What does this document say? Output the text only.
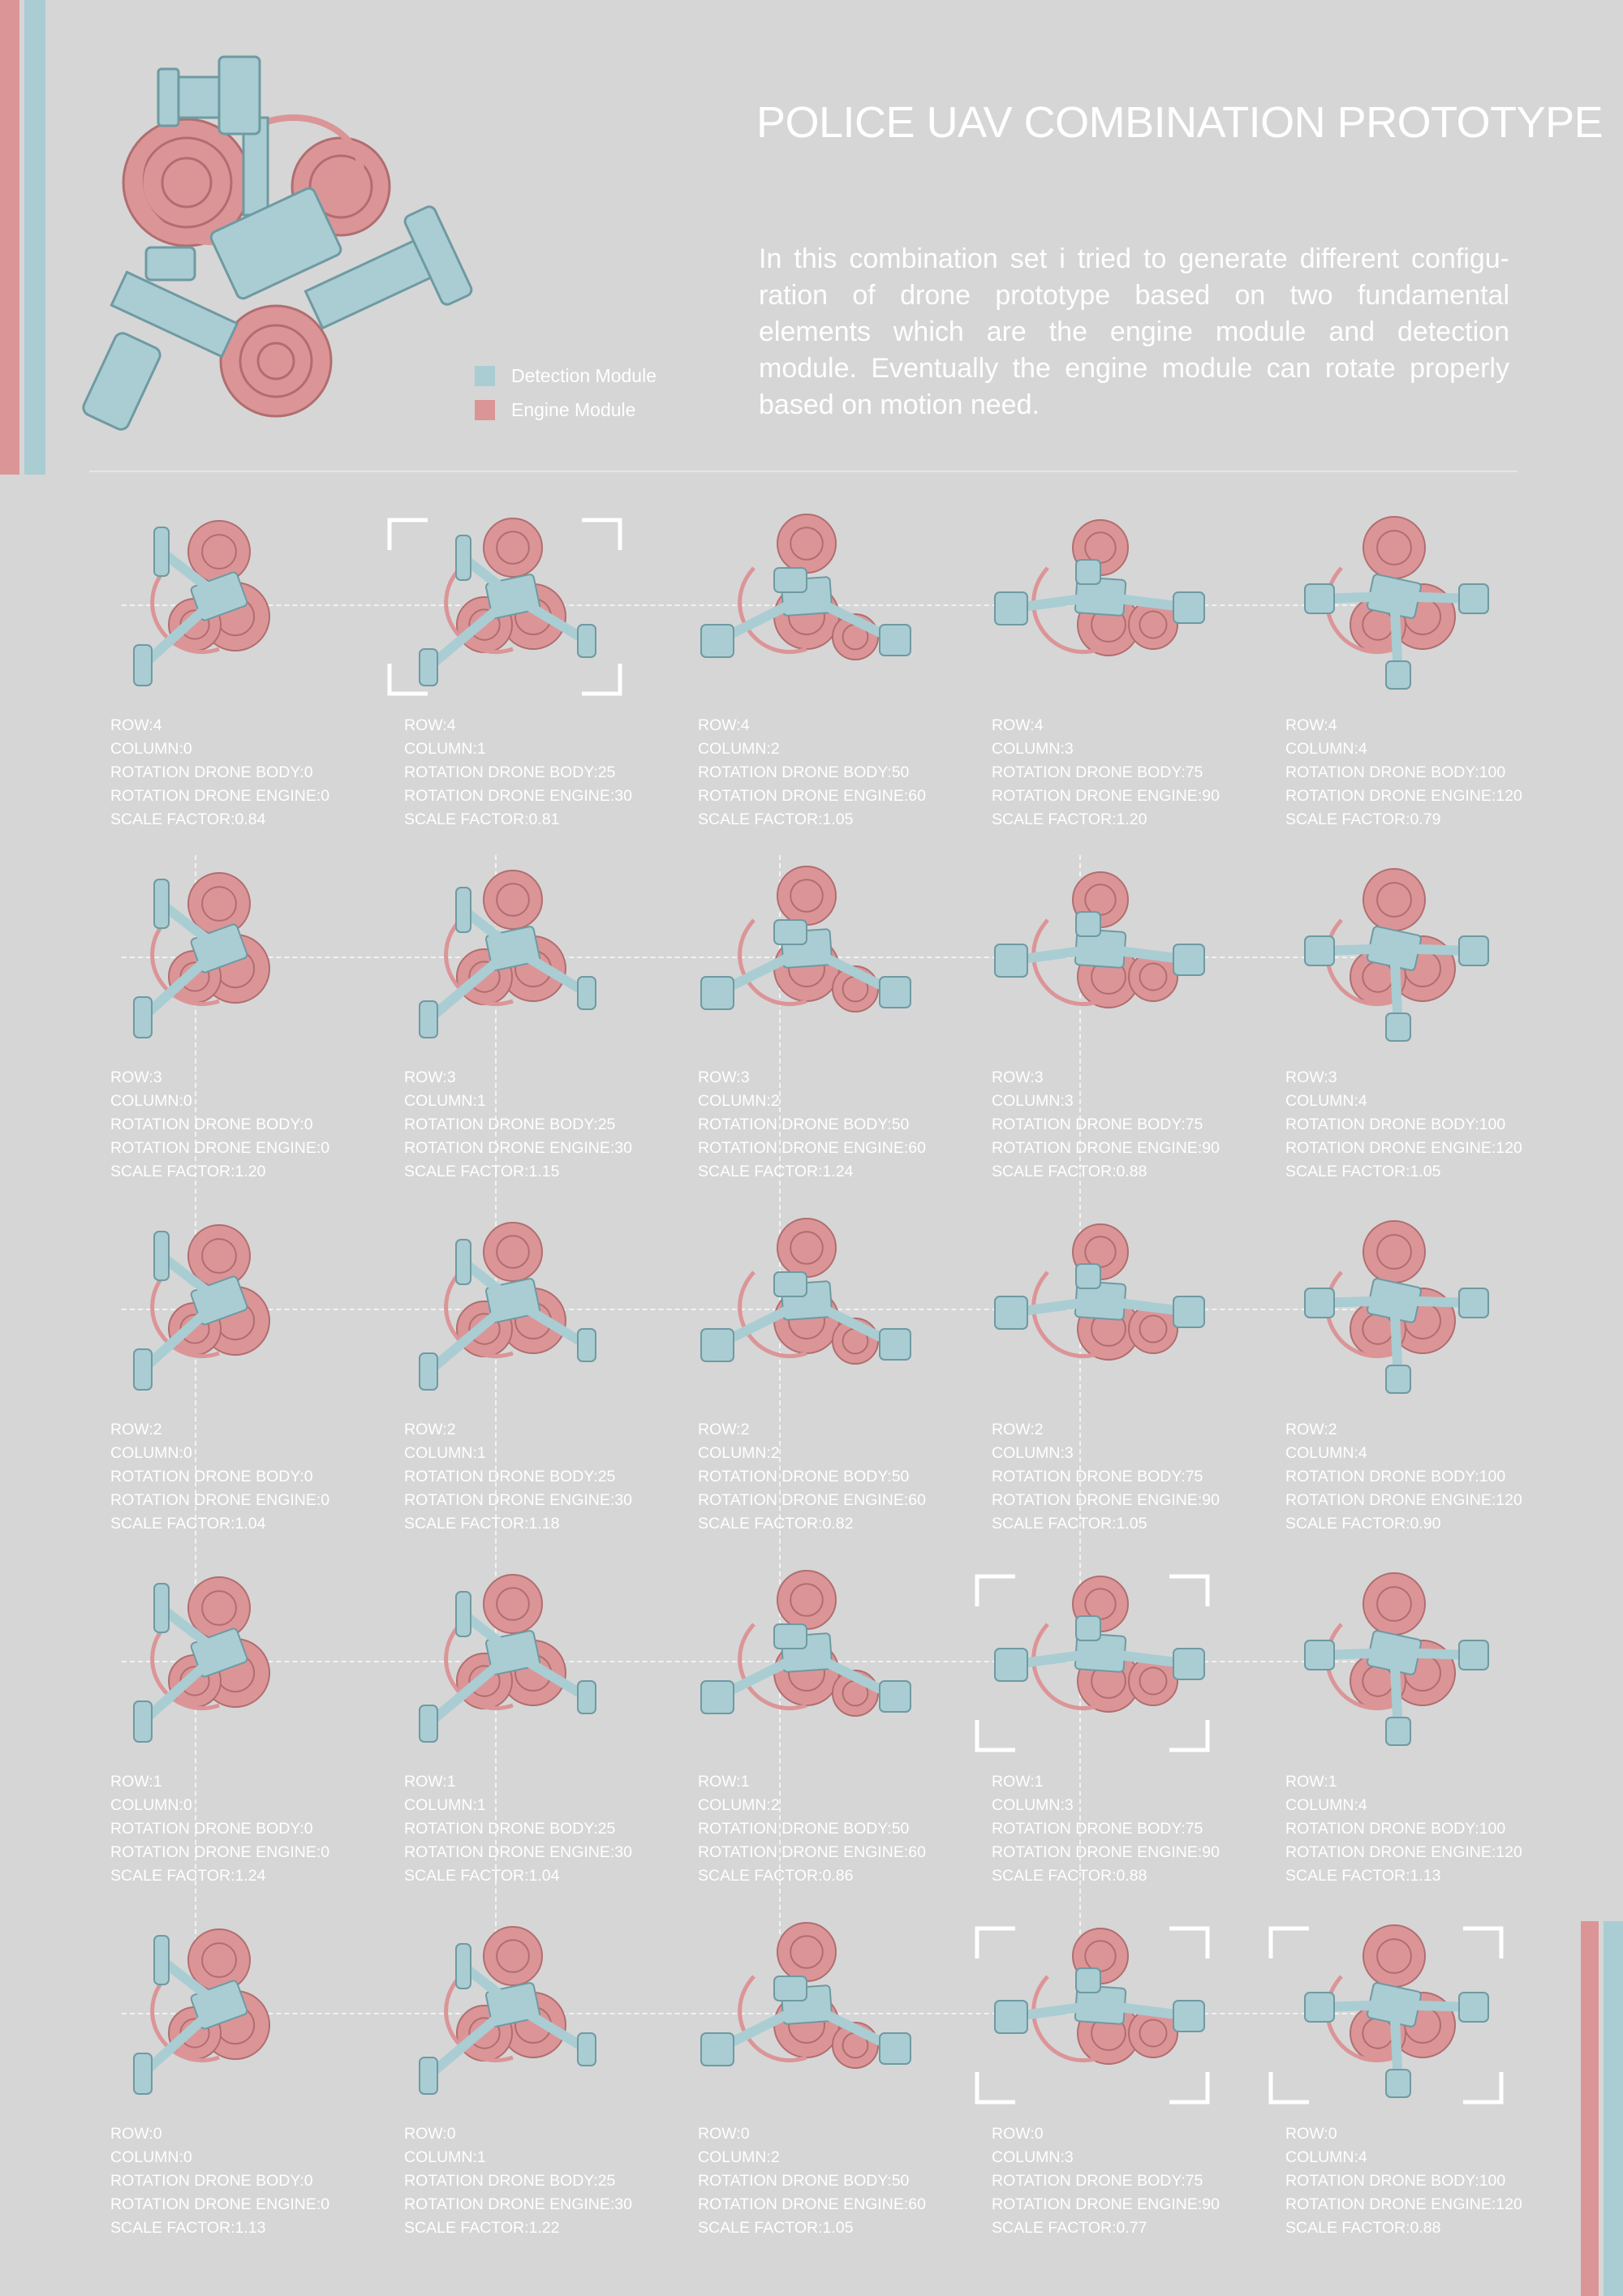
Detection Module
Engine Module
POLICE UAV COMBINATION PROTOTYPE
In this combination set i tried to generate different configu-ration of drone prototype based on two fundamental elements which are the engine module and detection module. Eventually the engine module can rotate properly based on motion need.
ROW:4
COLUMN:0
ROTATION DRONE BODY:0
ROTATION DRONE ENGINE:0
SCALE FACTOR:0.84
ROW:4
COLUMN:1
ROTATION DRONE BODY:25
ROTATION DRONE ENGINE:30
SCALE FACTOR:0.81
ROW:4
COLUMN:2
ROTATION DRONE BODY:50
ROTATION DRONE ENGINE:60
SCALE FACTOR:1.05
ROW:4
COLUMN:3
ROTATION DRONE BODY:75
ROTATION DRONE ENGINE:90
SCALE FACTOR:1.20
ROW:4
COLUMN:4
ROTATION DRONE BODY:100
ROTATION DRONE ENGINE:120
SCALE FACTOR:0.79
ROW:3
COLUMN:0
ROTATION DRONE BODY:0
ROTATION DRONE ENGINE:0
SCALE FACTOR:1.20
ROW:3
COLUMN:1
ROTATION DRONE BODY:25
ROTATION DRONE ENGINE:30
SCALE FACTOR:1.15
ROW:3
COLUMN:2
ROTATION DRONE BODY:50
ROTATION DRONE ENGINE:60
SCALE FACTOR:1.24
ROW:3
COLUMN:3
ROTATION DRONE BODY:75
ROTATION DRONE ENGINE:90
SCALE FACTOR:0.88
ROW:3
COLUMN:4
ROTATION DRONE BODY:100
ROTATION DRONE ENGINE:120
SCALE FACTOR:1.05
ROW:2
COLUMN:0
ROTATION DRONE BODY:0
ROTATION DRONE ENGINE:0
SCALE FACTOR:1.04
ROW:2
COLUMN:1
ROTATION DRONE BODY:25
ROTATION DRONE ENGINE:30
SCALE FACTOR:1.18
ROW:2
COLUMN:2
ROTATION DRONE BODY:50
ROTATION DRONE ENGINE:60
SCALE FACTOR:0.82
ROW:2
COLUMN:3
ROTATION DRONE BODY:75
ROTATION DRONE ENGINE:90
SCALE FACTOR:1.05
ROW:2
COLUMN:4
ROTATION DRONE BODY:100
ROTATION DRONE ENGINE:120
SCALE FACTOR:0.90
ROW:1
COLUMN:0
ROTATION DRONE BODY:0
ROTATION DRONE ENGINE:0
SCALE FACTOR:1.24
ROW:1
COLUMN:1
ROTATION DRONE BODY:25
ROTATION DRONE ENGINE:30
SCALE FACTOR:1.04
ROW:1
COLUMN:2
ROTATION DRONE BODY:50
ROTATION DRONE ENGINE:60
SCALE FACTOR:0.86
ROW:1
COLUMN:3
ROTATION DRONE BODY:75
ROTATION DRONE ENGINE:90
SCALE FACTOR:0.88
ROW:1
COLUMN:4
ROTATION DRONE BODY:100
ROTATION DRONE ENGINE:120
SCALE FACTOR:1.13
ROW:0
COLUMN:0
ROTATION DRONE BODY:0
ROTATION DRONE ENGINE:0
SCALE FACTOR:1.13
ROW:0
COLUMN:1
ROTATION DRONE BODY:25
ROTATION DRONE ENGINE:30
SCALE FACTOR:1.22
ROW:0
COLUMN:2
ROTATION DRONE BODY:50
ROTATION DRONE ENGINE:60
SCALE FACTOR:1.05
ROW:0
COLUMN:3
ROTATION DRONE BODY:75
ROTATION DRONE ENGINE:90
SCALE FACTOR:0.77
ROW:0
COLUMN:4
ROTATION DRONE BODY:100
ROTATION DRONE ENGINE:120
SCALE FACTOR:0.88
